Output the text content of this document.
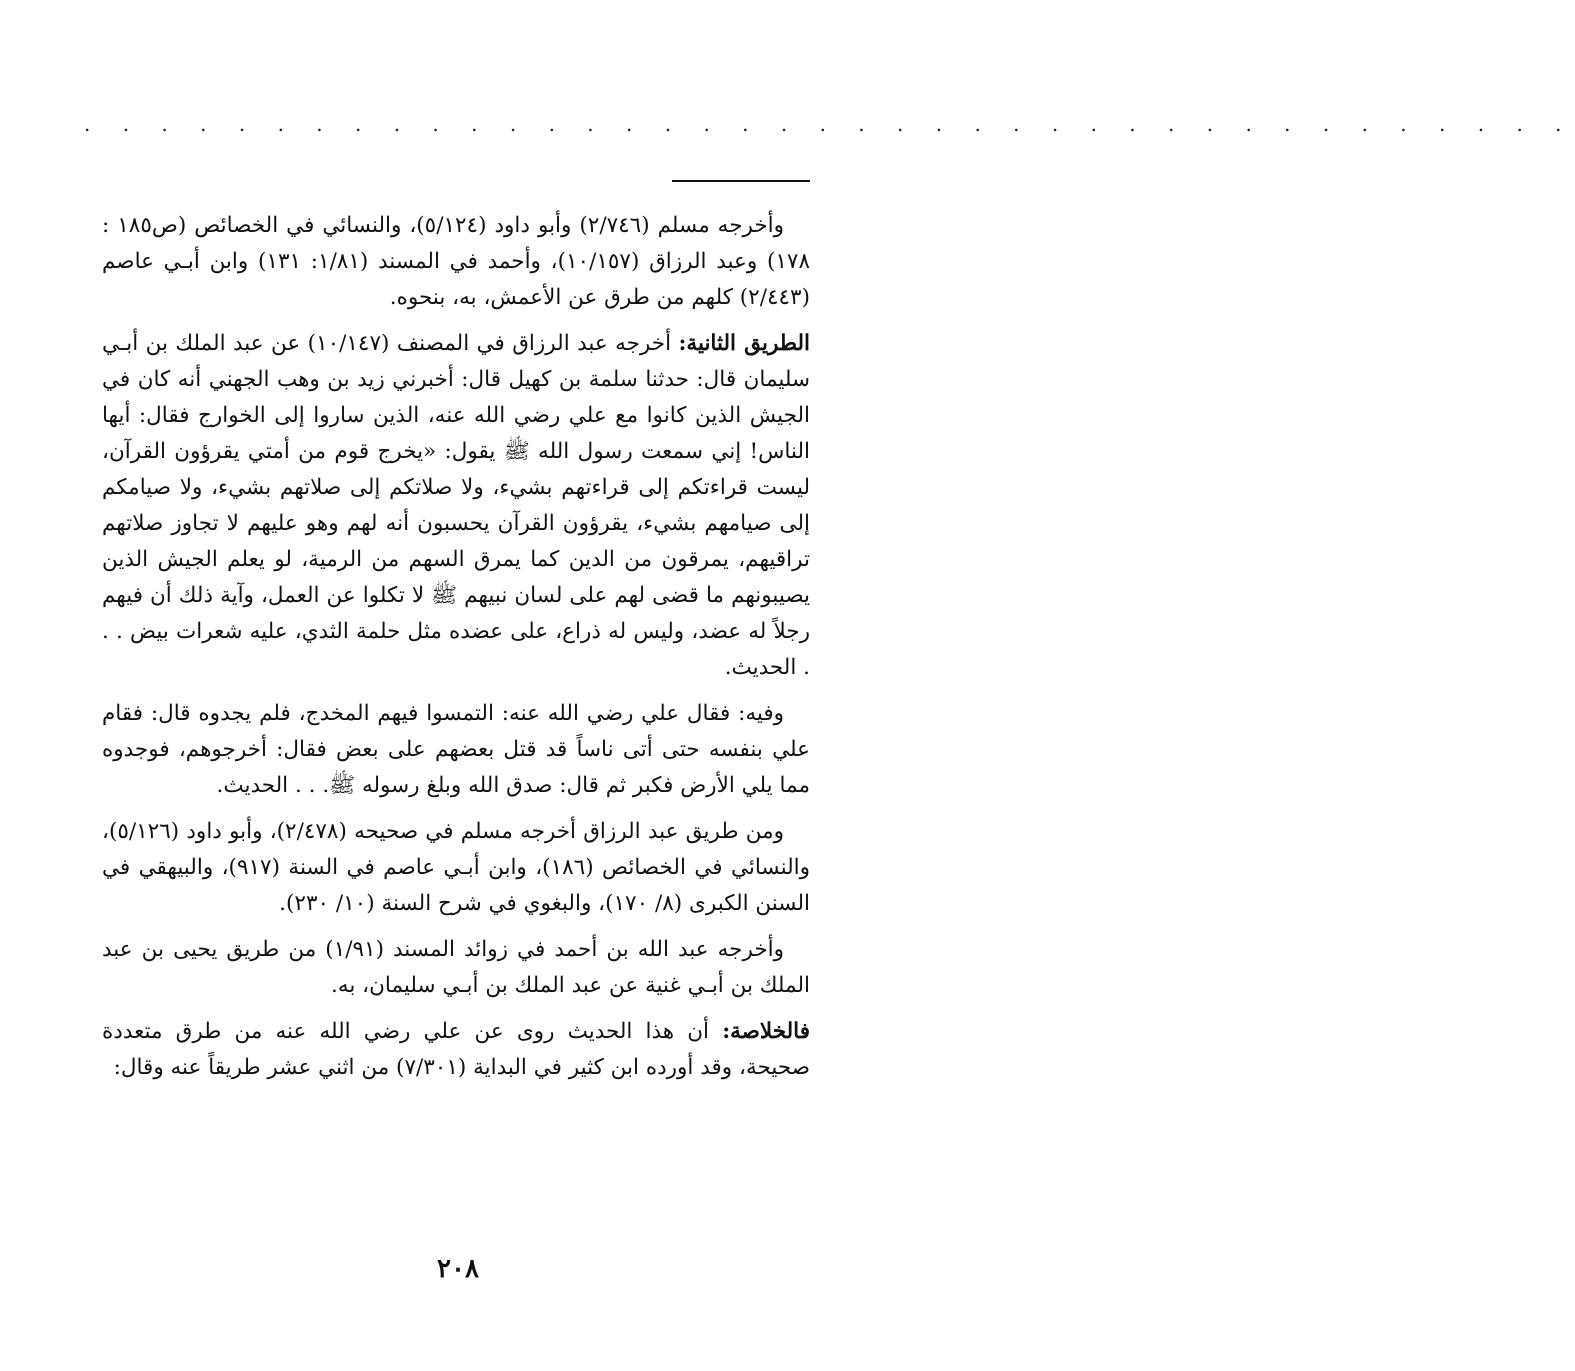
. . . . . . . . . . . . . . . . . . . . . . . . . . . . . . . . . . . . . . .

وأخرجه مسلم (٢/٧٤٦) وأبو داود (٥/١٢٤)، والنسائي في الخصائص (ص١٨٥ : ١٧٨) وعبد الرزاق (١٠/١٥٧)، وأحمد في المسند (١/٨١: ١٣١) وابن أبـي عاصم (٢/٤٤٣) كلهم من طرق عن الأعمش، به، بنحوه.

الطريق الثانية: أخرجه عبد الرزاق في المصنف (١٠/١٤٧) عن عبد الملك بن أبـي سليمان قال: حدثنا سلمة بن كهيل قال: أخبرني زيد بن وهب الجهني أنه كان في الجيش الذين كانوا مع علي رضي الله عنه، الذين ساروا إلى الخوارج فقال: أيها الناس! إني سمعت رسول الله ﷺ يقول: «يخرج قوم من أمتي يقرؤون القرآن، ليست قراءتكم إلى قراءتهم بشيء، ولا صلاتكم إلى صلاتهم بشيء، ولا صيامكم إلى صيامهم بشيء، يقرؤون القرآن يحسبون أنه لهم وهو عليهم لا تجاوز صلاتهم تراقيهم، يمرقون من الدين كما يمرق السهم من الرمية، لو يعلم الجيش الذين يصيبونهم ما قضى لهم على لسان نبيهم ﷺ لا تكلوا عن العمل، وآية ذلك أن فيهم رجلاً له عضد، وليس له ذراع، على عضده مثل حلمة الثدي، عليه شعرات بيض . . . الحديث.

وفيه: فقال علي رضي الله عنه: التمسوا فيهم المخدج، فلم يجدوه قال: فقام علي بنفسه حتى أتى ناساً قد قتل بعضهم على بعض فقال: أخرجوهم، فوجدوه مما يلي الأرض فكبر ثم قال: صدق الله وبلغ رسوله ﷺ. . . الحديث.

ومن طريق عبد الرزاق أخرجه مسلم في صحيحه (٢/٤٧٨)، وأبو داود (٥/١٢٦)، والنسائي في الخصائص (١٨٦)، وابن أبـي عاصم في السنة (٩١٧)، والبيهقي في السنن الكبرى (٨/ ١٧٠)، والبغوي في شرح السنة (١٠/ ٢٣٠).

وأخرجه عبد الله بن أحمد في زوائد المسند (١/٩١) من طريق يحيى بن عبد الملك بن أبـي غنية عن عبد الملك بن أبـي سليمان، به.

فالخلاصة: أن هذا الحديث روى عن علي رضي الله عنه من طرق متعددة صحيحة، وقد أورده ابن كثير في البداية (٧/٣٠١) من اثني عشر طريقاً عنه وقال:

٢٠٨
